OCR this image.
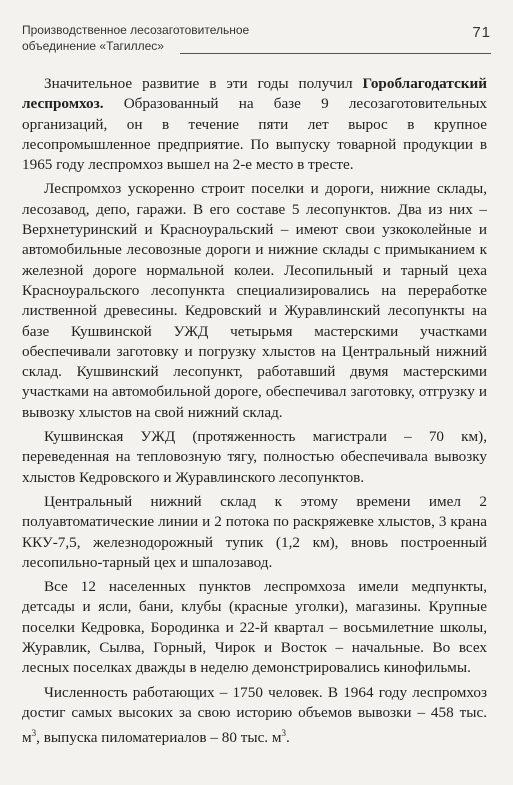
Производственное лесозаготовительное
объединение «Тагиллес»
71

Значительное развитие в эти годы получил Гороблагодатский леспромхоз. Образованный на базе 9 лесозаготовительных организаций, он в течение пяти лет вырос в крупное лесопромышленное предприятие. По выпуску товарной продукции в 1965 году леспромхоз вышел на 2-е место в тресте.

Леспромхоз ускоренно строит поселки и дороги, нижние склады, лесозавод, депо, гаражи. В его составе 5 лесопунктов. Два из них – Верхнетуринский и Красноуральский – имеют свои узкоколейные и автомобильные лесовозные дороги и нижние склады с примыканием к железной дороге нормальной колеи. Лесопильный и тарный цеха Красноуральского лесопункта специализировались на переработке лиственной древесины. Кедровский и Журавлинский лесопункты на базе Кушвинской УЖД четырьмя мастерскими участками обеспечивали заготовку и погрузку хлыстов на Центральный нижний склад. Кушвинский лесопункт, работавший двумя мастерскими участками на автомобильной дороге, обеспечивал заготовку, отгрузку и вывозку хлыстов на свой нижний склад.

Кушвинская УЖД (протяженность магистрали – 70 км), переведенная на тепловозную тягу, полностью обеспечивала вывозку хлыстов Кедровского и Журавлинского лесопунктов.

Центральный нижний склад к этому времени имел 2 полуавтоматические линии и 2 потока по раскряжевке хлыстов, 3 крана ККУ-7,5, железнодорожный тупик (1,2 км), вновь построенный лесопильно-тарный цех и шпалозавод.

Все 12 населенных пунктов леспромхоза имели медпункты, детсады и ясли, бани, клубы (красные уголки), магазины. Крупные поселки Кедровка, Бородинка и 22-й квартал – восьмилетние школы, Журавлик, Сылва, Горный, Чирок и Восток – начальные. Во всех лесных поселках дважды в неделю демонстрировались кинофильмы.

Численность работающих – 1750 человек. В 1964 году леспромхоз достиг самых высоких за свою историю объемов вывозки – 458 тыс. $м^3$, выпуска пиломатериалов – 80 тыс. $м^3$.
